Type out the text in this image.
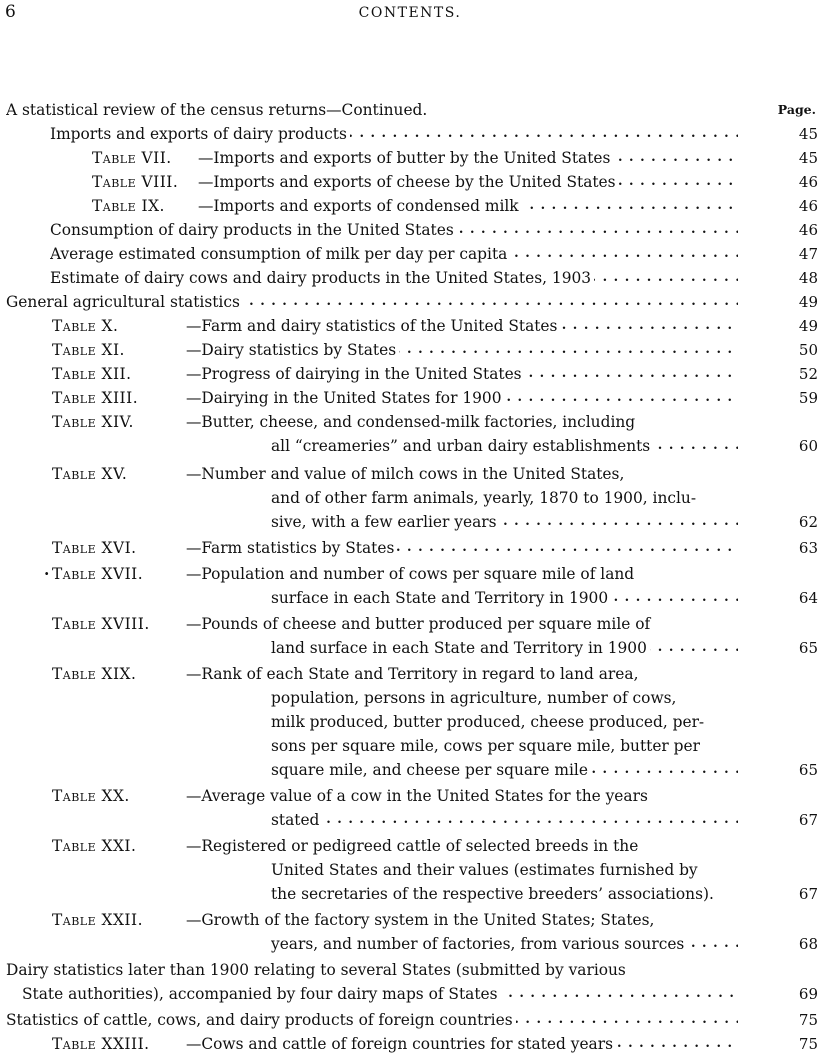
6	CONTENTS.
Page.
A statistical review of the census returns—Continued.
. . . Imports and exports of dairy products	45
Table VII. . . . —Imports and exports of butter by the United States	45
Table VIII. . . . —Imports and exports of cheese by the United States	46
Table IX. . . . —Imports and exports of condensed milk	46
. . . Consumption of dairy products in the United States	46
. . . Average estimated consumption of milk per day per capita	47
. . . Estimate of dairy cows and dairy products in the United States, 1903	48
. . . General agricultural statistics	49
Table X.	. . . —Farm and dairy statistics of the United States	49
Table XI.	. . . —Dairy statistics by States	50
Table XII.	. . . —Progress of dairying in the United States	52
Table XIII.	. . . —Dairying in the United States for 1900	59
Table XIV.	—Butter, cheese, and condensed-milk factories, including
. . . all “creameries” and urban dairy establishments	60
Table XV.	—Number and value of milch cows in the United States,
and of other farm animals, yearly, 1870 to 1900, inclu-
. . . sive, with a few earlier years	62
Table XVI.	. . . —Farm statistics by States	63
· Table XVII.	—Population and number of cows per square mile of land
. . . surface in each State and Territory in 1900	64
Table XVIII. —Pounds of cheese and butter produced per square mile of
. . . land surface in each State and Territory in 1900	65
Table XIX.	—Rank of each State and Territory in regard to land area,
population, persons in agriculture, number of cows,
milk produced, butter produced, cheese produced, per-
sons per square mile, cows per square mile, butter per
. . . square mile, and cheese per square mile	65
Table XX.	—Average value of a cow in the United States for the years
. . . stated	67
Table XXI.	—Registered or pedigreed cattle of selected breeds in the
United States and their values (estimates furnished by
the secretaries of the respective breeders’ associations).	67
Table XXII.	—Growth of the factory system in the United States; States,
. . . years, and number of factories, from various sources	68
Dairy statistics later than 1900 relating to several States (submitted by various
. . . State authorities), accompanied by four dairy maps of States	69
. . . Statistics of cattle, cows, and dairy products of foreign countries	75
Table XXIII. . . . —Cows and cattle of foreign countries for stated years	75
